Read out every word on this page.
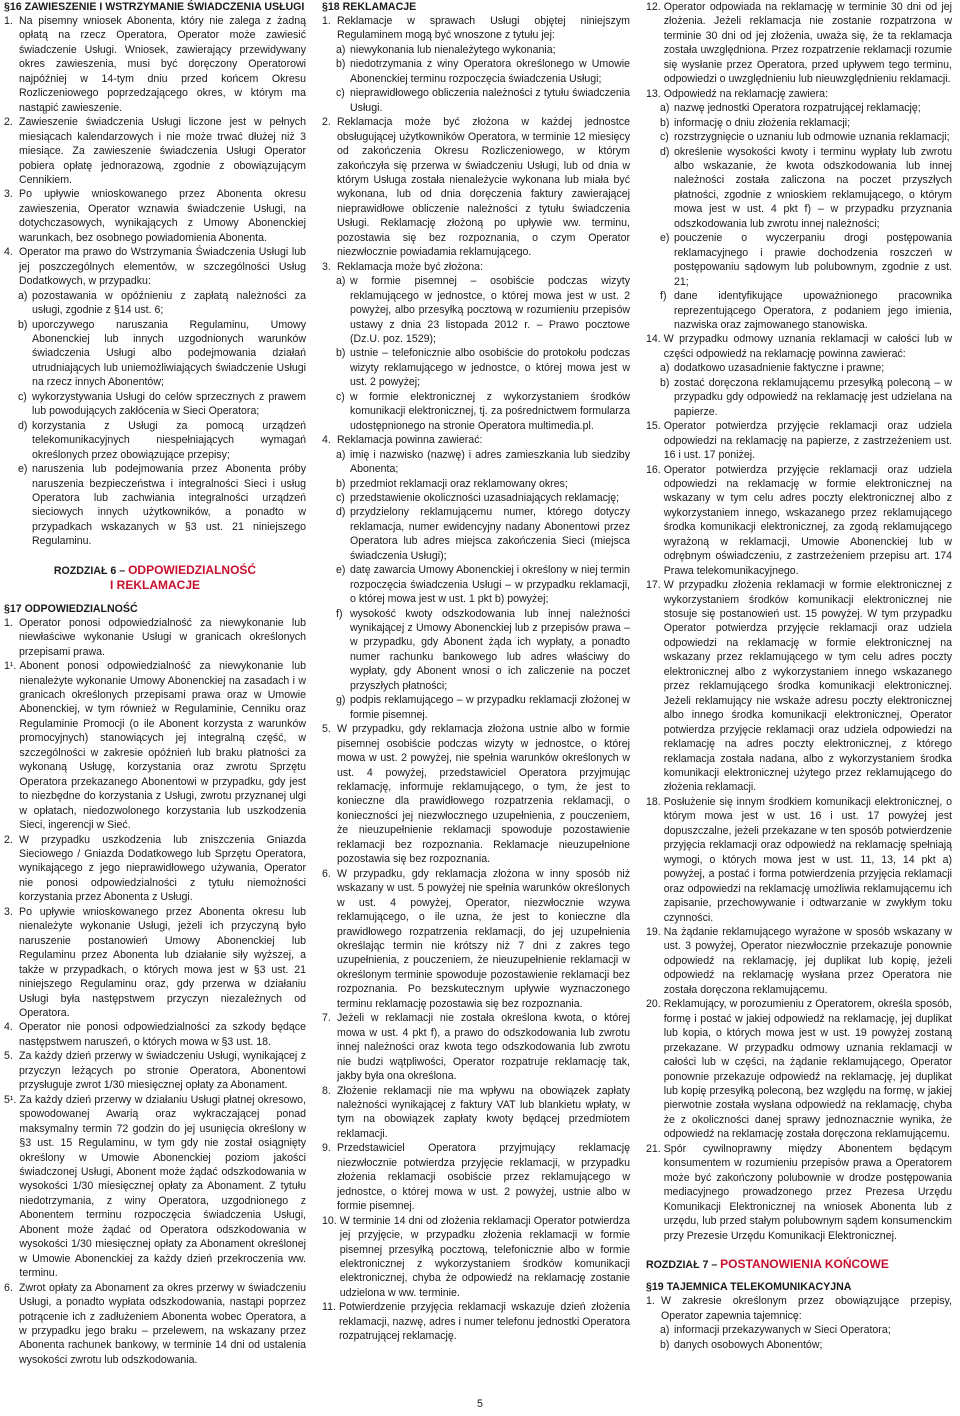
§16 ZAWIESZENIE I WSTRZYMANIE ŚWIADCZENIA USŁUGI
1. Na pisemny wniosek Abonenta, który nie zalega z żadną opłatą na rzecz Operatora, Operator może zawiesić świadczenie Usługi. Wniosek, zawierający przewidywany okres zawieszenia, musi być doręczony Operatorowi najpóźniej w 14-tym dniu przed końcem Okresu Rozliczeniowego poprzedzającego okres, w którym ma nastąpić zawieszenie.
2. Zawieszenie świadczenia Usługi liczone jest w pełnych miesiącach kalendarzowych i nie może trwać dłużej niż 3 miesiące. Za zawieszenie świadczenia Usługi Operator pobiera opłatę jednorazową, zgodnie z obowiązującym Cennikiem.
3. Po upływie wnioskowanego przez Abonenta okresu zawieszenia, Operator wznawia świadczenie Usługi, na dotychczasowych, wynikających z Umowy Abonenckiej warunkach, bez osobnego powiadomienia Abonenta.
4. Operator ma prawo do Wstrzymania Świadczenia Usługi lub jej poszczególnych elementów, w szczególności Usług Dodatkowych, w przypadku:
a) pozostawania w opóźnieniu z zapłatą należności za usługi, zgodnie z §14 ust. 6;
b) uporczywego naruszania Regulaminu, Umowy Abonenckiej lub innych uzgodnionych warunków świadczenia Usługi albo podejmowania działań utrudniających lub uniemożliwiających świadczenie Usługi na rzecz innych Abonentów;
c) wykorzystywania Usługi do celów sprzecznych z prawem lub powodujących zakłócenia w Sieci Operatora;
d) korzystania z Usługi za pomocą urządzeń telekomunikacyjnych niespełniających wymagań określonych przez obowiązujące przepisy;
e) naruszenia lub podejmowania przez Abonenta próby naruszenia bezpieczeństwa i integralności Sieci i usług Operatora lub zachwiania integralności urządzeń sieciowych innych użytkowników, a ponadto w przypadkach wskazanych w §3 ust. 21 niniejszego Regulaminu.
ROZDZIAŁ 6 – ODPOWIEDZIALNOŚĆ
I REKLAMACJE
§17 ODPOWIEDZIALNOŚĆ
1. Operator ponosi odpowiedzialność za niewykonanie lub niewłaściwe wykonanie Usługi w granicach określonych przepisami prawa.
1¹. Abonent ponosi odpowiedzialność za niewykonanie lub nienależyte wykonanie Umowy Abonenckiej na zasadach i w granicach określonych przepisami prawa oraz w Umowie Abonenckiej, w tym również w Regulaminie, Cenniku oraz Regulaminie Promocji (o ile Abonent korzysta z warunków promocyjnych) stanowiących jej integralną część, w szczególności w zakresie opóźnień lub braku płatności za wykonaną Usługę, korzystania oraz zwrotu Sprzętu Operatora przekazanego Abonentowi w przypadku, gdy jest to niezbędne do korzystania z Usługi, zwrotu przyznanej ulgi w opłatach, niedozwolonego korzystania lub uszkodzenia Sieci, ingerencji w Sieć.
2. W przypadku uszkodzenia lub zniszczenia Gniazda Sieciowego / Gniazda Dodatkowego lub Sprzętu Operatora, wynikającego z jego nieprawidłowego używania, Operator nie ponosi odpowiedzialności z tytułu niemożności korzystania przez Abonenta z Usługi.
3. Po upływie wnioskowanego przez Abonenta okresu lub nienależyte wykonanie Usługi, jeżeli ich przyczyną było naruszenie postanowień Umowy Abonenckiej lub Regulaminu przez Abonenta lub działanie siły wyższej, a także w przypadkach, o których mowa jest w §3 ust. 21 niniejszego Regulaminu oraz, gdy przerwa w działaniu Usługi była następstwem przyczyn niezależnych od Operatora.
4. Operator nie ponosi odpowiedzialności za szkody będące następstwem naruszeń, o których mowa w §3 ust. 18.
5. Za każdy dzień przerwy w świadczeniu Usługi, wynikającej z przyczyn leżących po stronie Operatora, Abonentowi przysługuje zwrot 1/30 miesięcznej opłaty za Abonament.
5¹. Za każdy dzień przerwy w działaniu Usługi płatnej okresowo, spowodowanej Awarią oraz wykraczającej ponad maksymalny termin 72 godzin do jej usunięcia określony w §3 ust. 15 Regulaminu, w tym gdy nie został osiągnięty określony w Umowie Abonenckiej poziom jakości świadczonej Usługi, Abonent może żądać odszkodowania w wysokości 1/30 miesięcznej opłaty za Abonament. Z tytułu niedotrzymania, z winy Operatora, uzgodnionego z Abonentem terminu rozpoczęcia świadczenia Usługi, Abonent może żądać od Operatora odszkodowania w wysokości 1/30 miesięcznej opłaty za Abonament określonej w Umowie Abonenckiej za każdy dzień przekroczenia ww. terminu.
6. Zwrot opłaty za Abonament za okres przerwy w świadczeniu Usługi, a ponadto wypłata odszkodowania, nastąpi poprzez potrącenie ich z zadłużeniem Abonenta wobec Operatora, a w przypadku jego braku – przelewem, na wskazany przez Abonenta rachunek bankowy, w terminie 14 dni od ustalenia wysokości zwrotu lub odszkodowania.
§18 REKLAMACJE
1. Reklamacje w sprawach Usługi objętej niniejszym Regulaminem mogą być wnoszone z tytułu jej:
a) niewykonania lub nienależytego wykonania;
b) niedotrzymania z winy Operatora określonego w Umowie Abonenckiej terminu rozpoczęcia świadczenia Usługi;
c) nieprawidłowego obliczenia należności z tytułu świadczenia Usługi.
2. Reklamacja może być złożona w każdej jednostce obsługującej użytkowników Operatora, w terminie 12 miesięcy od zakończenia Okresu Rozliczeniowego, w którym zakończyła się przerwa w świadczeniu Usługi, lub od dnia w którym Usługa została nienależycie wykonana lub miała być wykonana, lub od dnia doręczenia faktury zawierającej nieprawidłowe obliczenie należności z tytułu świadczenia Usługi. Reklamację złożoną po upływie ww. terminu, pozostawia się bez rozpoznania, o czym Operator niezwłocznie powiadamia reklamującego.
3. Reklamacja może być złożona:
a) w formie pisemnej – osobiście podczas wizyty reklamującego w jednostce, o której mowa jest w ust. 2 powyżej, albo przesyłką pocztową w rozumieniu przepisów ustawy z dnia 23 listopada 2012 r. – Prawo pocztowe (Dz.U. poz. 1529);
b) ustnie – telefonicznie albo osobiście do protokołu podczas wizyty reklamującego w jednostce, o której mowa jest w ust. 2 powyżej;
c) w formie elektronicznej z wykorzystaniem środków komunikacji elektronicznej, tj. za pośrednictwem formularza udostępnionego na stronie Operatora multimedia.pl.
4. Reklamacja powinna zawierać:
a) imię i nazwisko (nazwę) i adres zamieszkania lub siedziby Abonenta;
b) przedmiot reklamacji oraz reklamowany okres;
c) przedstawienie okoliczności uzasadniających reklamację;
d) przydzielony reklamującemu numer, którego dotyczy reklamacja, numer ewidencyjny nadany Abonentowi przez Operatora lub adres miejsca zakończenia Sieci (miejsca świadczenia Usługi);
e) datę zawarcia Umowy Abonenckiej i określony w niej termin rozpoczęcia świadczenia Usługi – w przypadku reklamacji, o której mowa jest w ust. 1 pkt b) powyżej;
f) wysokość kwoty odszkodowania lub innej należności wynikającej z Umowy Abonenckiej lub z przepisów prawa – w przypadku, gdy Abonent żąda ich wypłaty, a ponadto numer rachunku bankowego lub adres właściwy do wypłaty, gdy Abonent wnosi o ich zaliczenie na poczet przyszłych płatności;
g) podpis reklamującego – w przypadku reklamacji złożonej w formie pisemnej.
5. W przypadku, gdy reklamacja złożona ustnie albo w formie pisemnej osobiście podczas wizyty w jednostce, o której mowa w ust. 2 powyżej, nie spełnia warunków określonych w ust. 4 powyżej, przedstawiciel Operatora przyjmując reklamację, informuje reklamującego, o tym, że jest to konieczne dla prawidłowego rozpatrzenia reklamacji, o konieczności jej niezwłocznego uzupełnienia, z pouczeniem, że nieuzupełnienie reklamacji spowoduje pozostawienie reklamacji bez rozpoznania. Reklamacje nieuzupełnione pozostawia się bez rozpoznania.
6. W przypadku, gdy reklamacja złożona w inny sposób niż wskazany w ust. 5 powyżej nie spełnia warunków określonych w ust. 4 powyżej, Operator, niezwłocznie wzywa reklamującego, o ile uzna, że jest to konieczne dla prawidłowego rozpatrzenia reklamacji, do jej uzupełnienia określając termin nie krótszy niż 7 dni z zakres tego uzupełnienia, z pouczeniem, że nieuzupełnienie reklamacji w określonym terminie spowoduje pozostawienie reklamacji bez rozpoznania. Po bezskutecznym upływie wyznaczonego terminu reklamację pozostawia się bez rozpoznania.
7. Jeżeli w reklamacji nie została określona kwota, o której mowa w ust. 4 pkt f), a prawo do odszkodowania lub zwrotu innej należności oraz kwota tego odszkodowania lub zwrotu nie budzi wątpliwości, Operator rozpatruje reklamację tak, jakby była ona określona.
8. Złożenie reklamacji nie ma wpływu na obowiązek zapłaty należności wynikającej z faktury VAT lub blankietu wpłaty, w tym na obowiązek zapłaty kwoty będącej przedmiotem reklamacji.
9. Przedstawiciel Operatora przyjmujący reklamację niezwłocznie potwierdza przyjęcie reklamacji, w przypadku złożenia reklamacji osobiście przez reklamującego w jednostce, o której mowa w ust. 2 powyżej, ustnie albo w formie pisemnej.
10. W terminie 14 dni od złożenia reklamacji Operator potwierdza jej przyjęcie, w przypadku złożenia reklamacji w formie pisemnej przesyłką pocztową, telefonicznie albo w formie elektronicznej z wykorzystaniem środków komunikacji elektronicznej, chyba że odpowiedź na reklamację zostanie udzielona w ww. terminie.
11. Potwierdzenie przyjęcia reklamacji wskazuje dzień złożenia reklamacji, nazwę, adres i numer telefonu jednostki Operatora rozpatrującej reklamację.
12. Operator odpowiada na reklamację w terminie 30 dni od jej złożenia. Jeżeli reklamacja nie zostanie rozpatrzona w terminie 30 dni od jej złożenia, uważa się, że ta reklamacja została uwzględniona. Przez rozpatrzenie reklamacji rozumie się wysłanie przez Operatora, przed upływem tego terminu, odpowiedzi o uwzględnieniu lub nieuwzględnieniu reklamacji.
13. Odpowiedź na reklamację zawiera:
a) nazwę jednostki Operatora rozpatrującej reklamację;
b) informację o dniu złożenia reklamacji;
c) rozstrzygnięcie o uznaniu lub odmowie uznania reklamacji;
d) określenie wysokości kwoty i terminu wypłaty lub zwrotu albo wskazanie, że kwota odszkodowania lub innej należności została zaliczona na poczet przyszłych płatności, zgodnie z wnioskiem reklamującego, o którym mowa jest w ust. 4 pkt f) – w przypadku przyznania odszkodowania lub zwrotu innej należności;
e) pouczenie o wyczerpaniu drogi postępowania reklamacyjnego i prawie dochodzenia roszczeń w postępowaniu sądowym lub polubownym, zgodnie z ust. 21;
f) dane identyfikujące upoważnionego pracownika reprezentującego Operatora, z podaniem jego imienia, nazwiska oraz zajmowanego stanowiska.
14. W przypadku odmowy uznania reklamacji w całości lub w części odpowiedź na reklamację powinna zawierać:
a) dodatkowo uzasadnienie faktyczne i prawne;
b) zostać doręczona reklamującemu przesyłką poleconą – w przypadku gdy odpowiedź na reklamację jest udzielana na papierze.
15. Operator potwierdza przyjęcie reklamacji oraz udziela odpowiedzi na reklamację na papierze, z zastrzeżeniem ust. 16 i ust. 17 poniżej.
16. Operator potwierdza przyjęcie reklamacji oraz udziela odpowiedzi na reklamację w formie elektronicznej na wskazany w tym celu adres poczty elektronicznej albo z wykorzystaniem innego, wskazanego przez reklamującego środka komunikacji elektronicznej, za zgodą reklamującego wyrażoną w reklamacji, Umowie Abonenckiej lub w odrębnym oświadczeniu, z zastrzeżeniem przepisu art. 174 Prawa telekomunikacyjnego.
17. W przypadku złożenia reklamacji w formie elektronicznej z wykorzystaniem środków komunikacji elektronicznej nie stosuje się postanowień ust. 15 powyżej. W tym przypadku Operator potwierdza przyjęcie reklamacji oraz udziela odpowiedzi na reklamację w formie elektronicznej na wskazany przez reklamującego w tym celu adres poczty elektronicznej albo z wykorzystaniem innego wskazanego przez reklamującego środka komunikacji elektronicznej. Jeżeli reklamujący nie wskaże adresu poczty elektronicznej albo innego środka komunikacji elektronicznej, Operator potwierdza przyjęcie reklamacji oraz udziela odpowiedzi na reklamację na adres poczty elektronicznej, z którego reklamacja została nadana, albo z wykorzystaniem środka komunikacji elektronicznej użytego przez reklamującego do złożenia reklamacji.
18. Posłużenie się innym środkiem komunikacji elektronicznej, o którym mowa jest w ust. 16 i ust. 17 powyżej jest dopuszczalne, jeżeli przekazane w ten sposób potwierdzenie przyjęcia reklamacji oraz odpowiedź na reklamację spełniają wymogi, o których mowa jest w ust. 11, 13, 14 pkt a) powyżej, a postać i forma potwierdzenia przyjęcia reklamacji oraz odpowiedzi na reklamację umożliwia reklamującemu ich zapisanie, przechowywanie i odtwarzanie w zwykłym toku czynności.
19. Na żądanie reklamującego wyrażone w sposób wskazany w ust. 3 powyżej, Operator niezwłocznie przekazuje ponownie odpowiedź na reklamację, jej duplikat lub kopię, jeżeli odpowiedź na reklamację wysłana przez Operatora nie została doręczona reklamującemu.
20. Reklamujący, w porozumieniu z Operatorem, określa sposób, formę i postać w jakiej odpowiedź na reklamację, jej duplikat lub kopia, o których mowa jest w ust. 19 powyżej zostaną przekazane. W przypadku odmowy uznania reklamacji w całości lub w części, na żądanie reklamującego, Operator ponownie przekazuje odpowiedź na reklamację, jej duplikat lub kopię przesyłką poleconą, bez względu na formę, w jakiej pierwotnie została wysłana odpowiedź na reklamację, chyba że z okoliczności danej sprawy jednoznacznie wynika, że odpowiedź na reklamację została doręczona reklamującemu.
21. Spór cywilnoprawny między Abonentem będącym konsumentem w rozumieniu przepisów prawa a Operatorem może być zakończony polubownie w drodze postępowania mediacyjnego prowadzonego przez Prezesa Urzędu Komunikacji Elektronicznej na wniosek Abonenta lub z urzędu, lub przed stałym polubownym sądem konsumenckim przy Prezesie Urzędu Komunikacji Elektronicznej.
ROZDZIAŁ 7 – POSTANOWIENIA KOŃCOWE
§19 TAJEMNICA TELEKOMUNIKACYJNA
1. W zakresie określonym przez obowiązujące przepisy, Operator zapewnia tajemnicę:
a) informacji przekazywanych w Sieci Operatora;
b) danych osobowych Abonentów;
5
